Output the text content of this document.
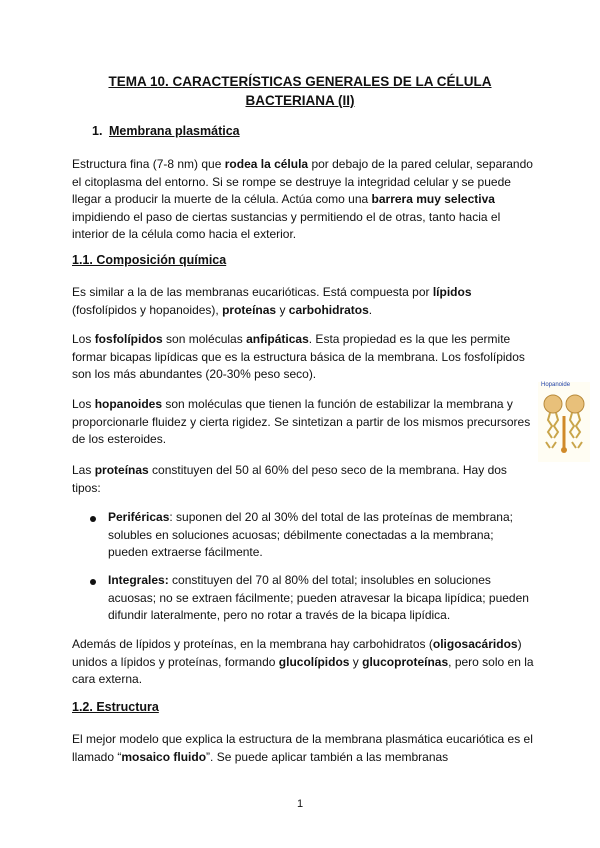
TEMA 10. CARACTERÍSTICAS GENERALES DE LA CÉLULA
BACTERIANA (II)
1. Membrana plasmática
Estructura fina (7-8 nm) que rodea la célula por debajo de la pared celular, separando el citoplasma del entorno. Si se rompe se destruye la integridad celular y se puede llegar a producir la muerte de la célula. Actúa como una barrera muy selectiva impidiendo el paso de ciertas sustancias y permitiendo el de otras, tanto hacia el interior de la célula como hacia el exterior.
1.1. Composición química
Es similar a la de las membranas eucarióticas. Está compuesta por lípidos (fosfolípidos y hopanoides), proteínas y carbohidratos.
Los fosfolípidos son moléculas anfipáticas. Esta propiedad es la que les permite formar bicapas lipídicas que es la estructura básica de la membrana. Los fosfolípidos son los más abundantes (20-30% peso seco).
Los hopanoides son moléculas que tienen la función de estabilizar la membrana y proporcionarle fluidez y cierta rigidez. Se sintetizan a partir de los mismos precursores de los esteroides.
Hopanoide
Las proteínas constituyen del 50 al 60% del peso seco de la membrana. Hay dos tipos:
Periféricas: suponen del 20 al 30% del total de las proteínas de membrana; solubles en soluciones acuosas; débilmente conectadas a la membrana; pueden extraerse fácilmente.
Integrales: constituyen del 70 al 80% del total; insolubles en soluciones acuosas; no se extraen fácilmente; pueden atravesar la bicapa lipídica; pueden difundir lateralmente, pero no rotar a través de la bicapa lipídica.
Además de lípidos y proteínas, en la membrana hay carbohidratos (oligosacáridos) unidos a lípidos y proteínas, formando glucolípidos y glucoproteínas, pero solo en la cara externa.
1.2. Estructura
El mejor modelo que explica la estructura de la membrana plasmática eucariótica es el llamado “mosaico fluido”. Se puede aplicar también a las membranas
1
